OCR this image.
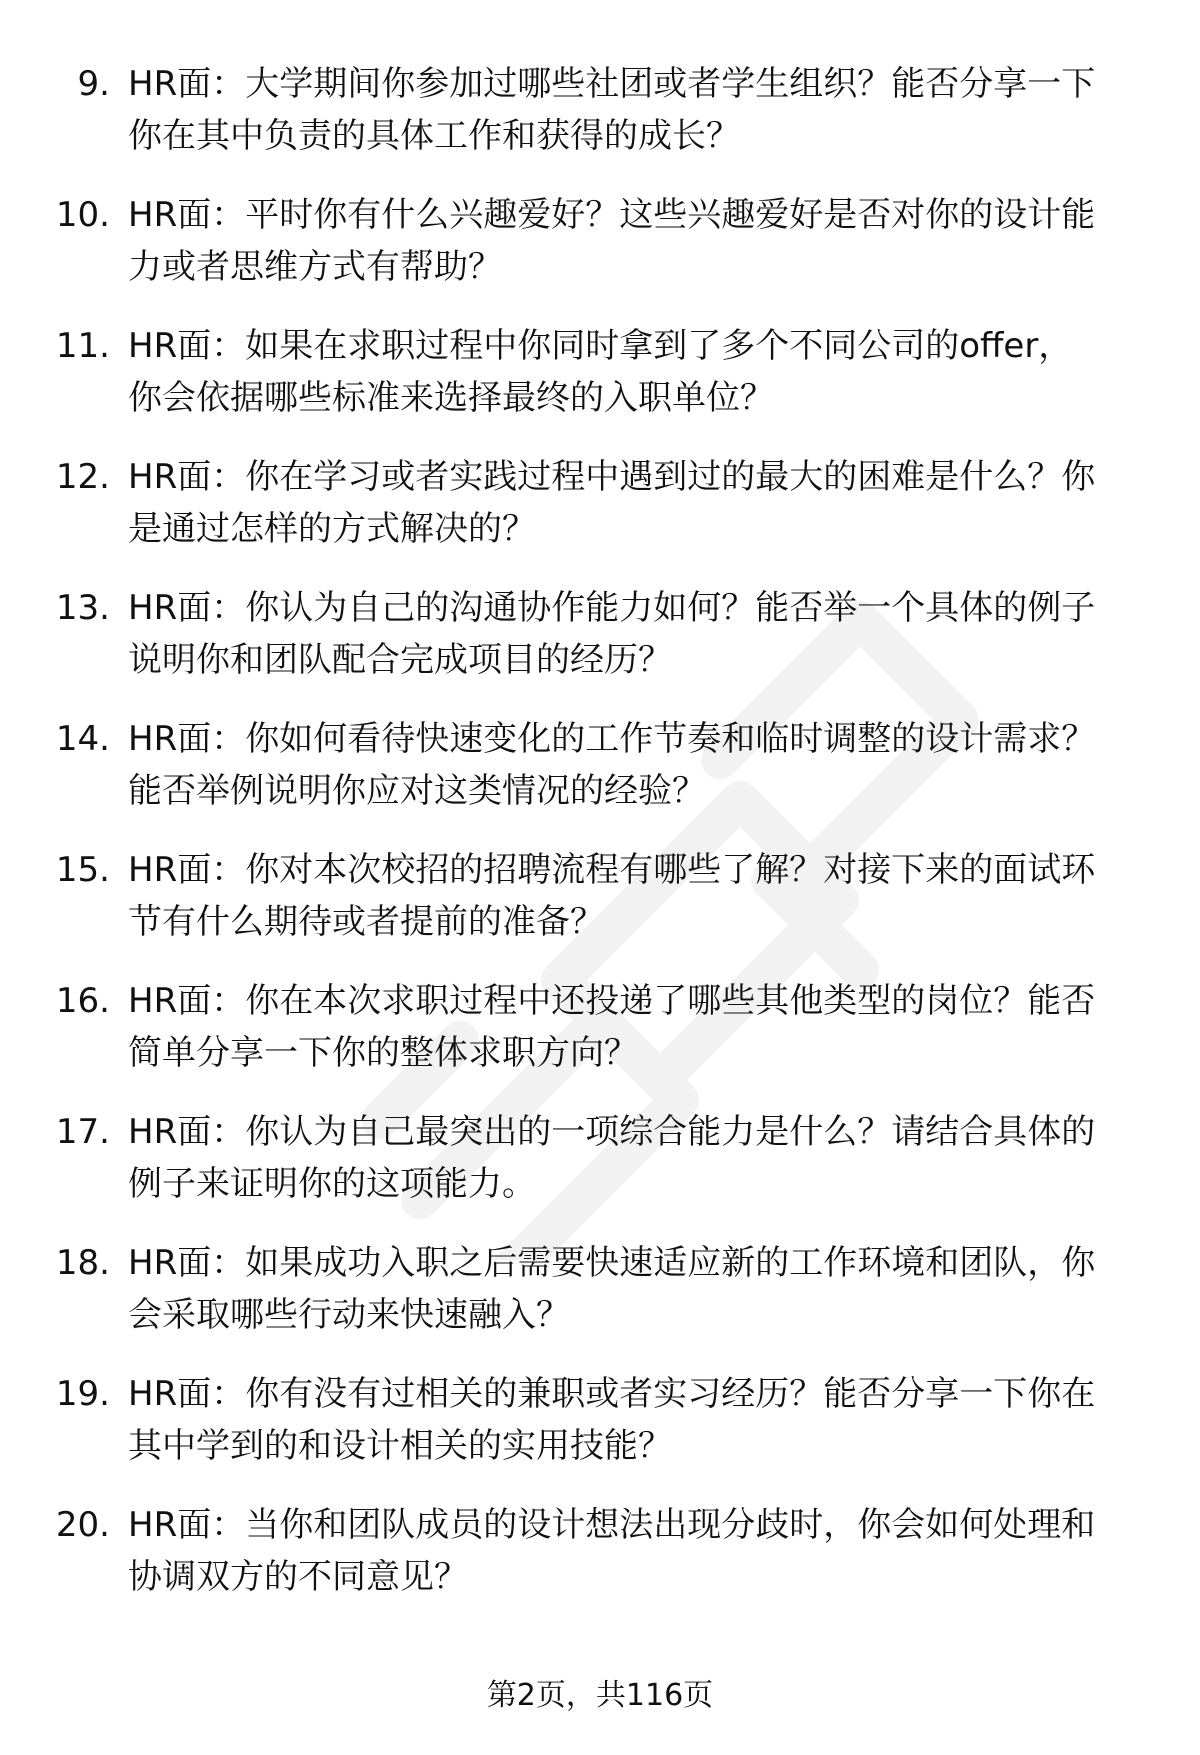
9. HR面：大学期间你参加过哪些社团或者学生组织？能否分享一下
你在其中负责的具体工作和获得的成长？
10. HR面：平时你有什么兴趣爱好？这些兴趣爱好是否对你的设计能
力或者思维方式有帮助？
11. HR面：如果在求职过程中你同时拿到了多个不同公司的offer，
你会依据哪些标准来选择最终的入职单位？
12. HR面：你在学习或者实践过程中遇到过的最大的困难是什么？你
是通过怎样的方式解决的？
13. HR面：你认为自己的沟通协作能力如何？能否举一个具体的例子
说明你和团队配合完成项目的经历？
14. HR面：你如何看待快速变化的工作节奏和临时调整的设计需求？
能否举例说明你应对这类情况的经验？
15. HR面：你对本次校招的招聘流程有哪些了解？对接下来的面试环
节有什么期待或者提前的准备？
16. HR面：你在本次求职过程中还投递了哪些其他类型的岗位？能否
简单分享一下你的整体求职方向？
17. HR面：你认为自己最突出的一项综合能力是什么？请结合具体的
例子来证明你的这项能力。
18. HR面：如果成功入职之后需要快速适应新的工作环境和团队，你
会采取哪些行动来快速融入？
19. HR面：你有没有过相关的兼职或者实习经历？能否分享一下你在
其中学到的和设计相关的实用技能？
20. HR面：当你和团队成员的设计想法出现分歧时，你会如何处理和
协调双方的不同意见？
第2页，共116页
